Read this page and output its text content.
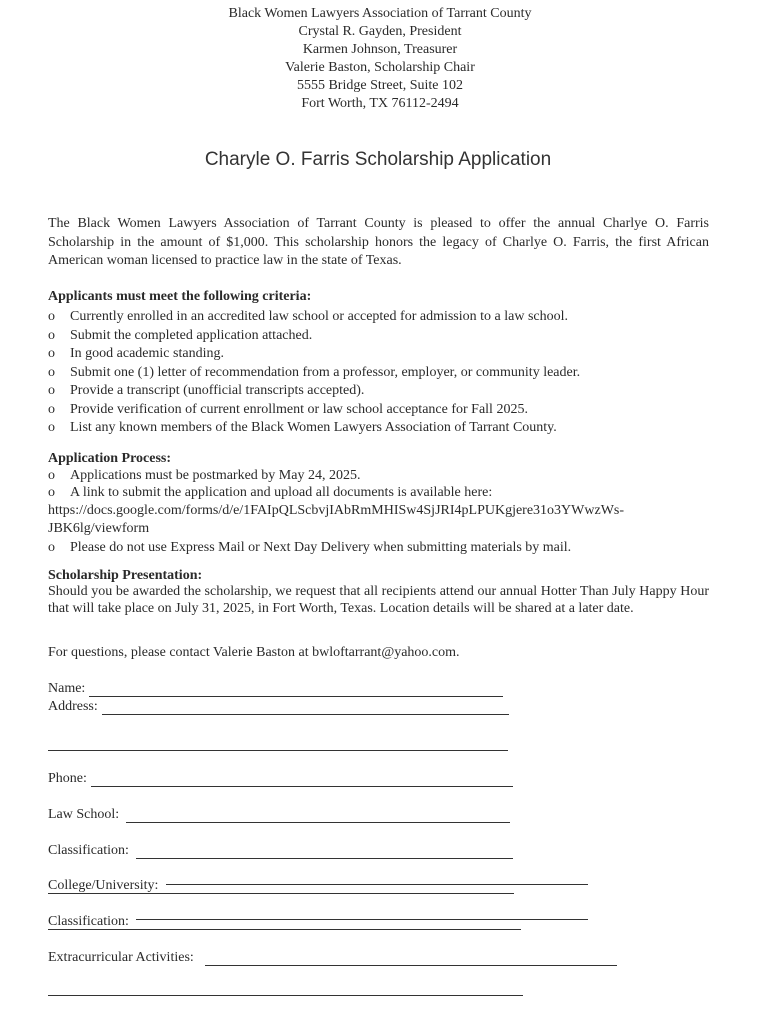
Black Women Lawyers Association of Tarrant County
Crystal R. Gayden, President
Karmen Johnson, Treasurer
Valerie Baston, Scholarship Chair
5555 Bridge Street, Suite 102
Fort Worth, TX 76112-2494
Charyle O. Farris Scholarship Application
The Black Women Lawyers Association of Tarrant County is pleased to offer the annual Charlye O. Farris Scholarship in the amount of $1,000. This scholarship honors the legacy of Charlye O. Farris, the first African American woman licensed to practice law in the state of Texas.
Applicants must meet the following criteria:
o	Currently enrolled in an accredited law school or accepted for admission to a law school.
o	Submit the completed application attached.
o	In good academic standing.
o	Submit one (1) letter of recommendation from a professor, employer, or community leader.
o	Provide a transcript (unofficial transcripts accepted).
o	Provide verification of current enrollment or law school acceptance for Fall 2025.
o	List any known members of the Black Women Lawyers Association of Tarrant County.
Application Process:
o	Applications must be postmarked by May 24, 2025.
o	A link to submit the application and upload all documents is available here:
https://docs.google.com/forms/d/e/1FAIpQLScbvjIAbRmMHISw4SjJRI4pLPUKgjere31o3YWwzWs-
JBK6lg/viewform
o	Please do not use Express Mail or Next Day Delivery when submitting materials by mail.
Scholarship Presentation:
Should you be awarded the scholarship, we request that all recipients attend our annual Hotter Than July Happy Hour that will take place on July 31, 2025, in Fort Worth, Texas. Location details will be shared at a later date.
For questions, please contact Valerie Baston at bwloftarrant@yahoo.com.
Name:
Address:
Phone:
Law School:
Classification:
College/University:
Classification:
Extracurricular Activities:
